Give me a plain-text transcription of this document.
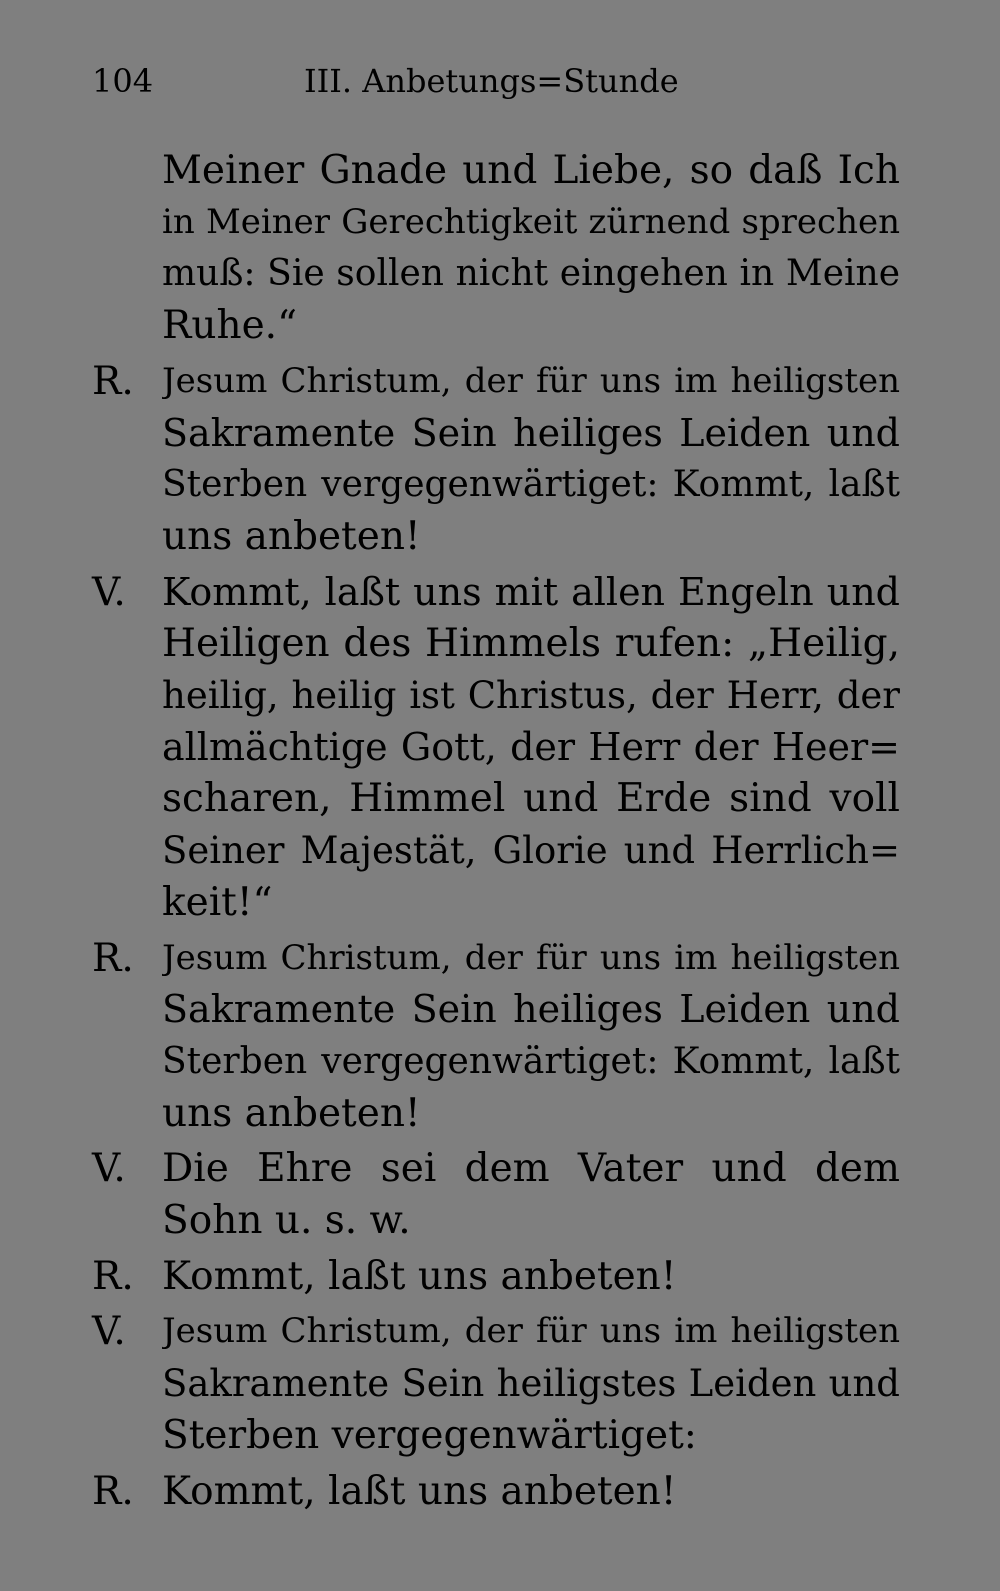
104	III. Anbetungs=Stunde
Meiner Gnade und Liebe, so daß Ich
in Meiner Gerechtigkeit zürnend sprechen
muß: Sie sollen nicht eingehen in Meine
Ruhe.“
R. Jesum Christum, der für uns im heiligsten
Sakramente Sein heiliges Leiden und
Sterben vergegenwärtiget: Kommt, laßt
uns anbeten!
V. Kommt, laßt uns mit allen Engeln und
Heiligen des Himmels rufen: „Heilig,
heilig, heilig ist Christus, der Herr, der
allmächtige Gott, der Herr der Heer=
scharen, Himmel und Erde sind voll
Seiner Majestät, Glorie und Herrlich=
keit!“
R. Jesum Christum, der für uns im heiligsten
Sakramente Sein heiliges Leiden und
Sterben vergegenwärtiget: Kommt, laßt
uns anbeten!
V. Die Ehre sei dem Vater und dem
Sohn u. s. w.
R. Kommt, laßt uns anbeten!
V.	Jesum Christum, der für uns im heiligsten
Sakramente Sein heiligstes Leiden und
Sterben vergegenwärtiget:
R. Kommt, laßt uns anbeten!
